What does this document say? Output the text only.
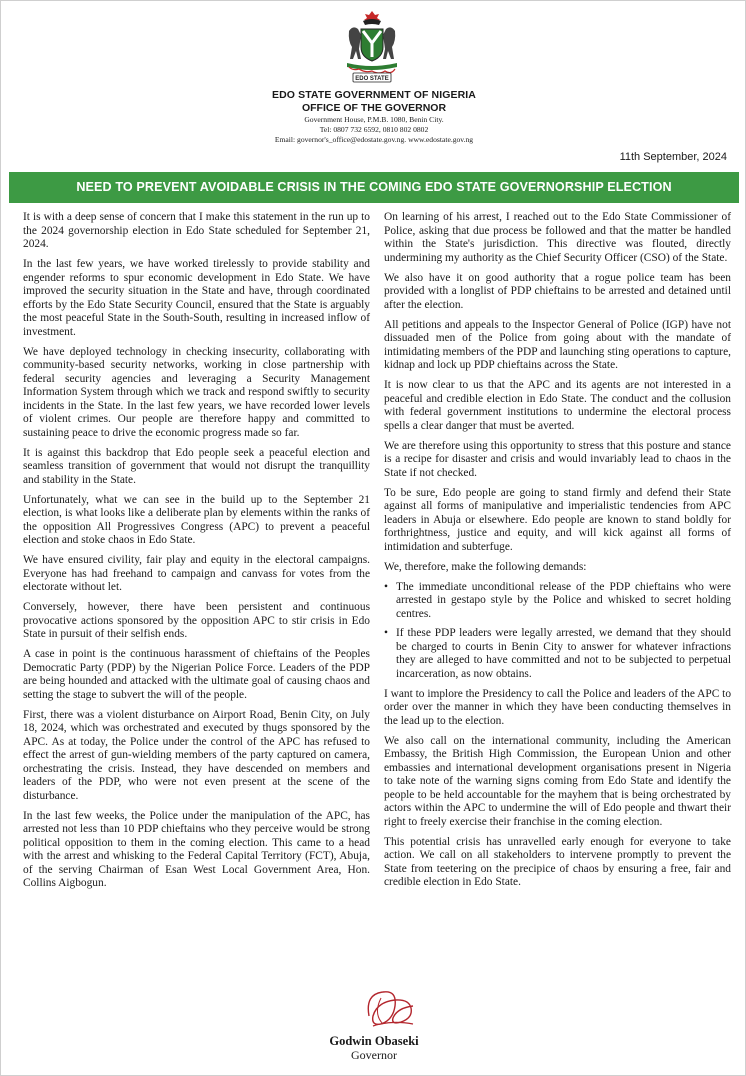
EDO STATE
EDO STATE GOVERNMENT OF NIGERIA
OFFICE OF THE GOVERNOR
Government House, P.M.B. 1080, Benin City.
Tel: 0807 732 6592, 0810 802 0802
Email: governor's_office@edostate.gov.ng. www.edostate.gov.ng
11th September, 2024
NEED TO PREVENT AVOIDABLE CRISIS IN THE COMING EDO STATE GOVERNORSHIP ELECTION

It is with a deep sense of concern that I make this statement in the run up to the 2024 governorship election in Edo State scheduled for September 21, 2024.

In the last few years, we have worked tirelessly to provide stability and engender reforms to spur economic development in Edo State. We have improved the security situation in the State and have, through coordinated efforts by the Edo State Security Council, ensured that the State is arguably the most peaceful State in the South-South, resulting in increased inflow of investment.

We have deployed technology in checking insecurity, collaborating with community-based security networks, working in close partnership with federal security agencies and leveraging a Security Management Information System through which we track and respond swiftly to security incidents in the State. In the last few years, we have recorded lower levels of violent crimes. Our people are therefore happy and committed to sustaining peace to drive the economic progress made so far.

It is against this backdrop that Edo people seek a peaceful election and seamless transition of government that would not disrupt the tranquillity and stability in the State.

Unfortunately, what we can see in the build up to the September 21 election, is what looks like a deliberate plan by elements within the ranks of the opposition All Progressives Congress (APC) to prevent a peaceful election and stoke chaos in Edo State.

We have ensured civility, fair play and equity in the electoral campaigns. Everyone has had freehand to campaign and canvass for votes from the electorate without let.

Conversely, however, there have been persistent and continuous provocative actions sponsored by the opposition APC to stir crisis in Edo State in pursuit of their selfish ends.

A case in point is the continuous harassment of chieftains of the Peoples Democratic Party (PDP) by the Nigerian Police Force. Leaders of the PDP are being hounded and attacked with the ultimate goal of causing chaos and setting the stage to subvert the will of the people.

First, there was a violent disturbance on Airport Road, Benin City, on July 18, 2024, which was orchestrated and executed by thugs sponsored by the APC. As at today, the Police under the control of the APC has refused to effect the arrest of gun-wielding members of the party captured on camera, orchestrating the crisis. Instead, they have descended on members and leaders of the PDP, who were not even present at the scene of the disturbance.

In the last few weeks, the Police under the manipulation of the APC, has arrested not less than 10 PDP chieftains who they perceive would be strong political opposition to them in the coming election. This came to a head with the arrest and whisking to the Federal Capital Territory (FCT), Abuja, of the serving Chairman of Esan West Local Government Area, Hon. Collins Aigbogun.

On learning of his arrest, I reached out to the Edo State Commissioner of Police, asking that due process be followed and that the matter be handled within the State's jurisdiction. This directive was flouted, directly undermining my authority as the Chief Security Officer (CSO) of the State.

We also have it on good authority that a rogue police team has been provided with a longlist of PDP chieftains to be arrested and detained until after the election.

All petitions and appeals to the Inspector General of Police (IGP) have not dissuaded men of the Police from going about with the mandate of intimidating members of the PDP and launching sting operations to capture, kidnap and lock up PDP chieftains across the State.

It is now clear to us that the APC and its agents are not interested in a peaceful and credible election in Edo State. The conduct and the collusion with federal government institutions to undermine the electoral process spells a clear danger that must be averted.

We are therefore using this opportunity to stress that this posture and stance is a recipe for disaster and crisis and would invariably lead to chaos in the State if not checked.

To be sure, Edo people are going to stand firmly and defend their State against all forms of manipulative and imperialistic tendencies from APC leaders in Abuja or elsewhere. Edo people are known to stand boldly for forthrightness, justice and equity, and will kick against all forms of intimidation and subterfuge.

We, therefore, make the following demands:

• The immediate unconditional release of the PDP chieftains who were arrested in gestapo style by the Police and whisked to secret holding centres.
• If these PDP leaders were legally arrested, we demand that they should be charged to courts in Benin City to answer for whatever infractions they are alleged to have committed and not to be subjected to perpetual incarceration, as now obtains.

I want to implore the Presidency to call the Police and leaders of the APC to order over the manner in which they have been conducting themselves in the lead up to the election.

We also call on the international community, including the American Embassy, the British High Commission, the European Union and other embassies and international development organisations present in Nigeria to take note of the warning signs coming from Edo State and identify the people to be held accountable for the mayhem that is being orchestrated by actors within the APC to undermine the will of Edo people and thwart their right to freely exercise their franchise in the coming election.

This potential crisis has unravelled early enough for everyone to take action. We call on all stakeholders to intervene promptly to prevent the State from teetering on the precipice of chaos by ensuring a free, fair and credible election in Edo State.

Godwin Obaseki
Governor
